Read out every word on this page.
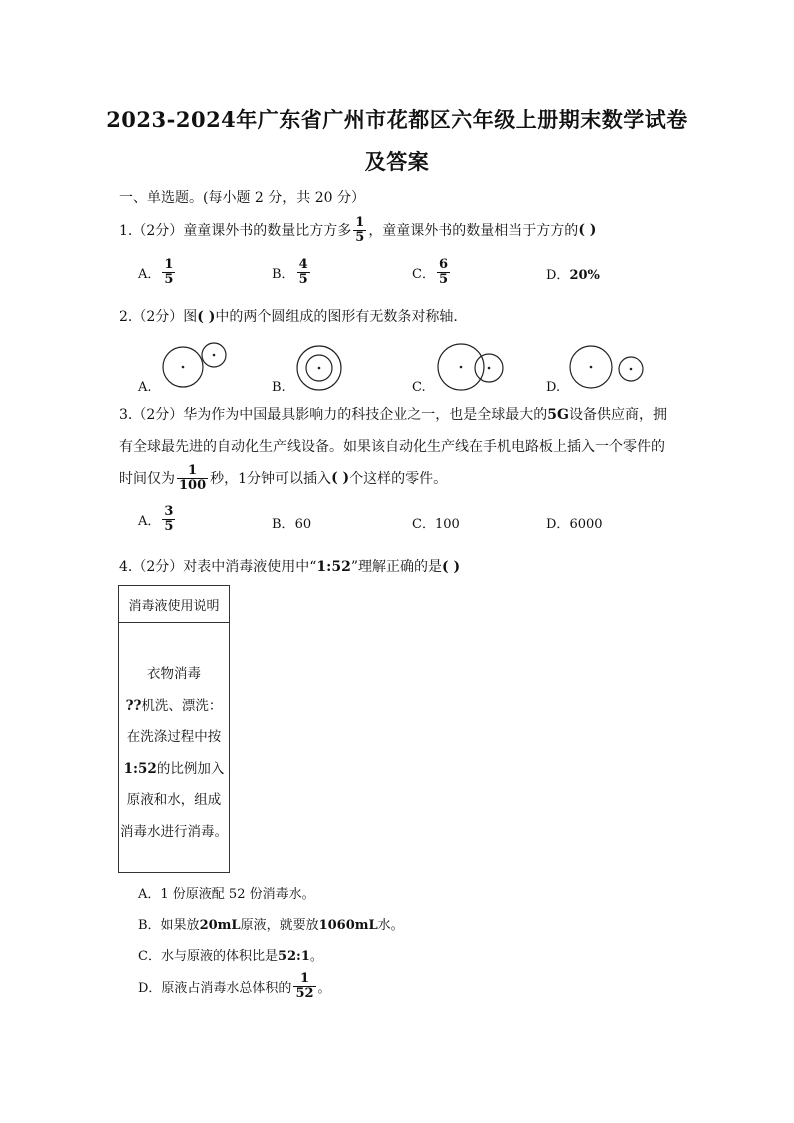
2023-2024年广东省广州市花都区六年级上册期末数学试卷
及答案
一、单选题。(每小题 2 分，共 20 分）
1.（2分）童童课外书的数量比方方多 $\frac{1}{5}$ ，童童课外书的数量相当于方方的 ( )
A． $\frac{1}{5}$	B． $\frac{4}{5}$	C． $\frac{6}{5}$	D．20%
2.（2分）图( )中的两个圆组成的图形有无数条对称轴.
A.	B.	C.	D.
3.（2分）华为作为中国最具影响力的科技企业之一，也是全球最大的5G设备供应商，拥
有全球最先进的自动化生产线设备。如果该自动化生产线在手机电路板上插入一个零件的
时间仅为 $\frac{1}{100}$ 秒，1分钟可以插入 ( ) 个这样的零件。
A． $\frac{3}{5}$	B．60	C．100	D．6000
4.（2分）对表中消毒液使用中“1:52”理解正确的是( )
消毒液使用说明
衣物消毒
??机洗、漂洗：
在洗涤过程中按
1:52的比例加入
原液和水，组成
消毒水进行消毒。
A．1 份原液配 52 份消毒水。
B．如果放20mL原液，就要放1060mL水。
C．水与原液的体积比是52:1。
D．原液占消毒水总体积的 $\frac{1}{52}$ 。
